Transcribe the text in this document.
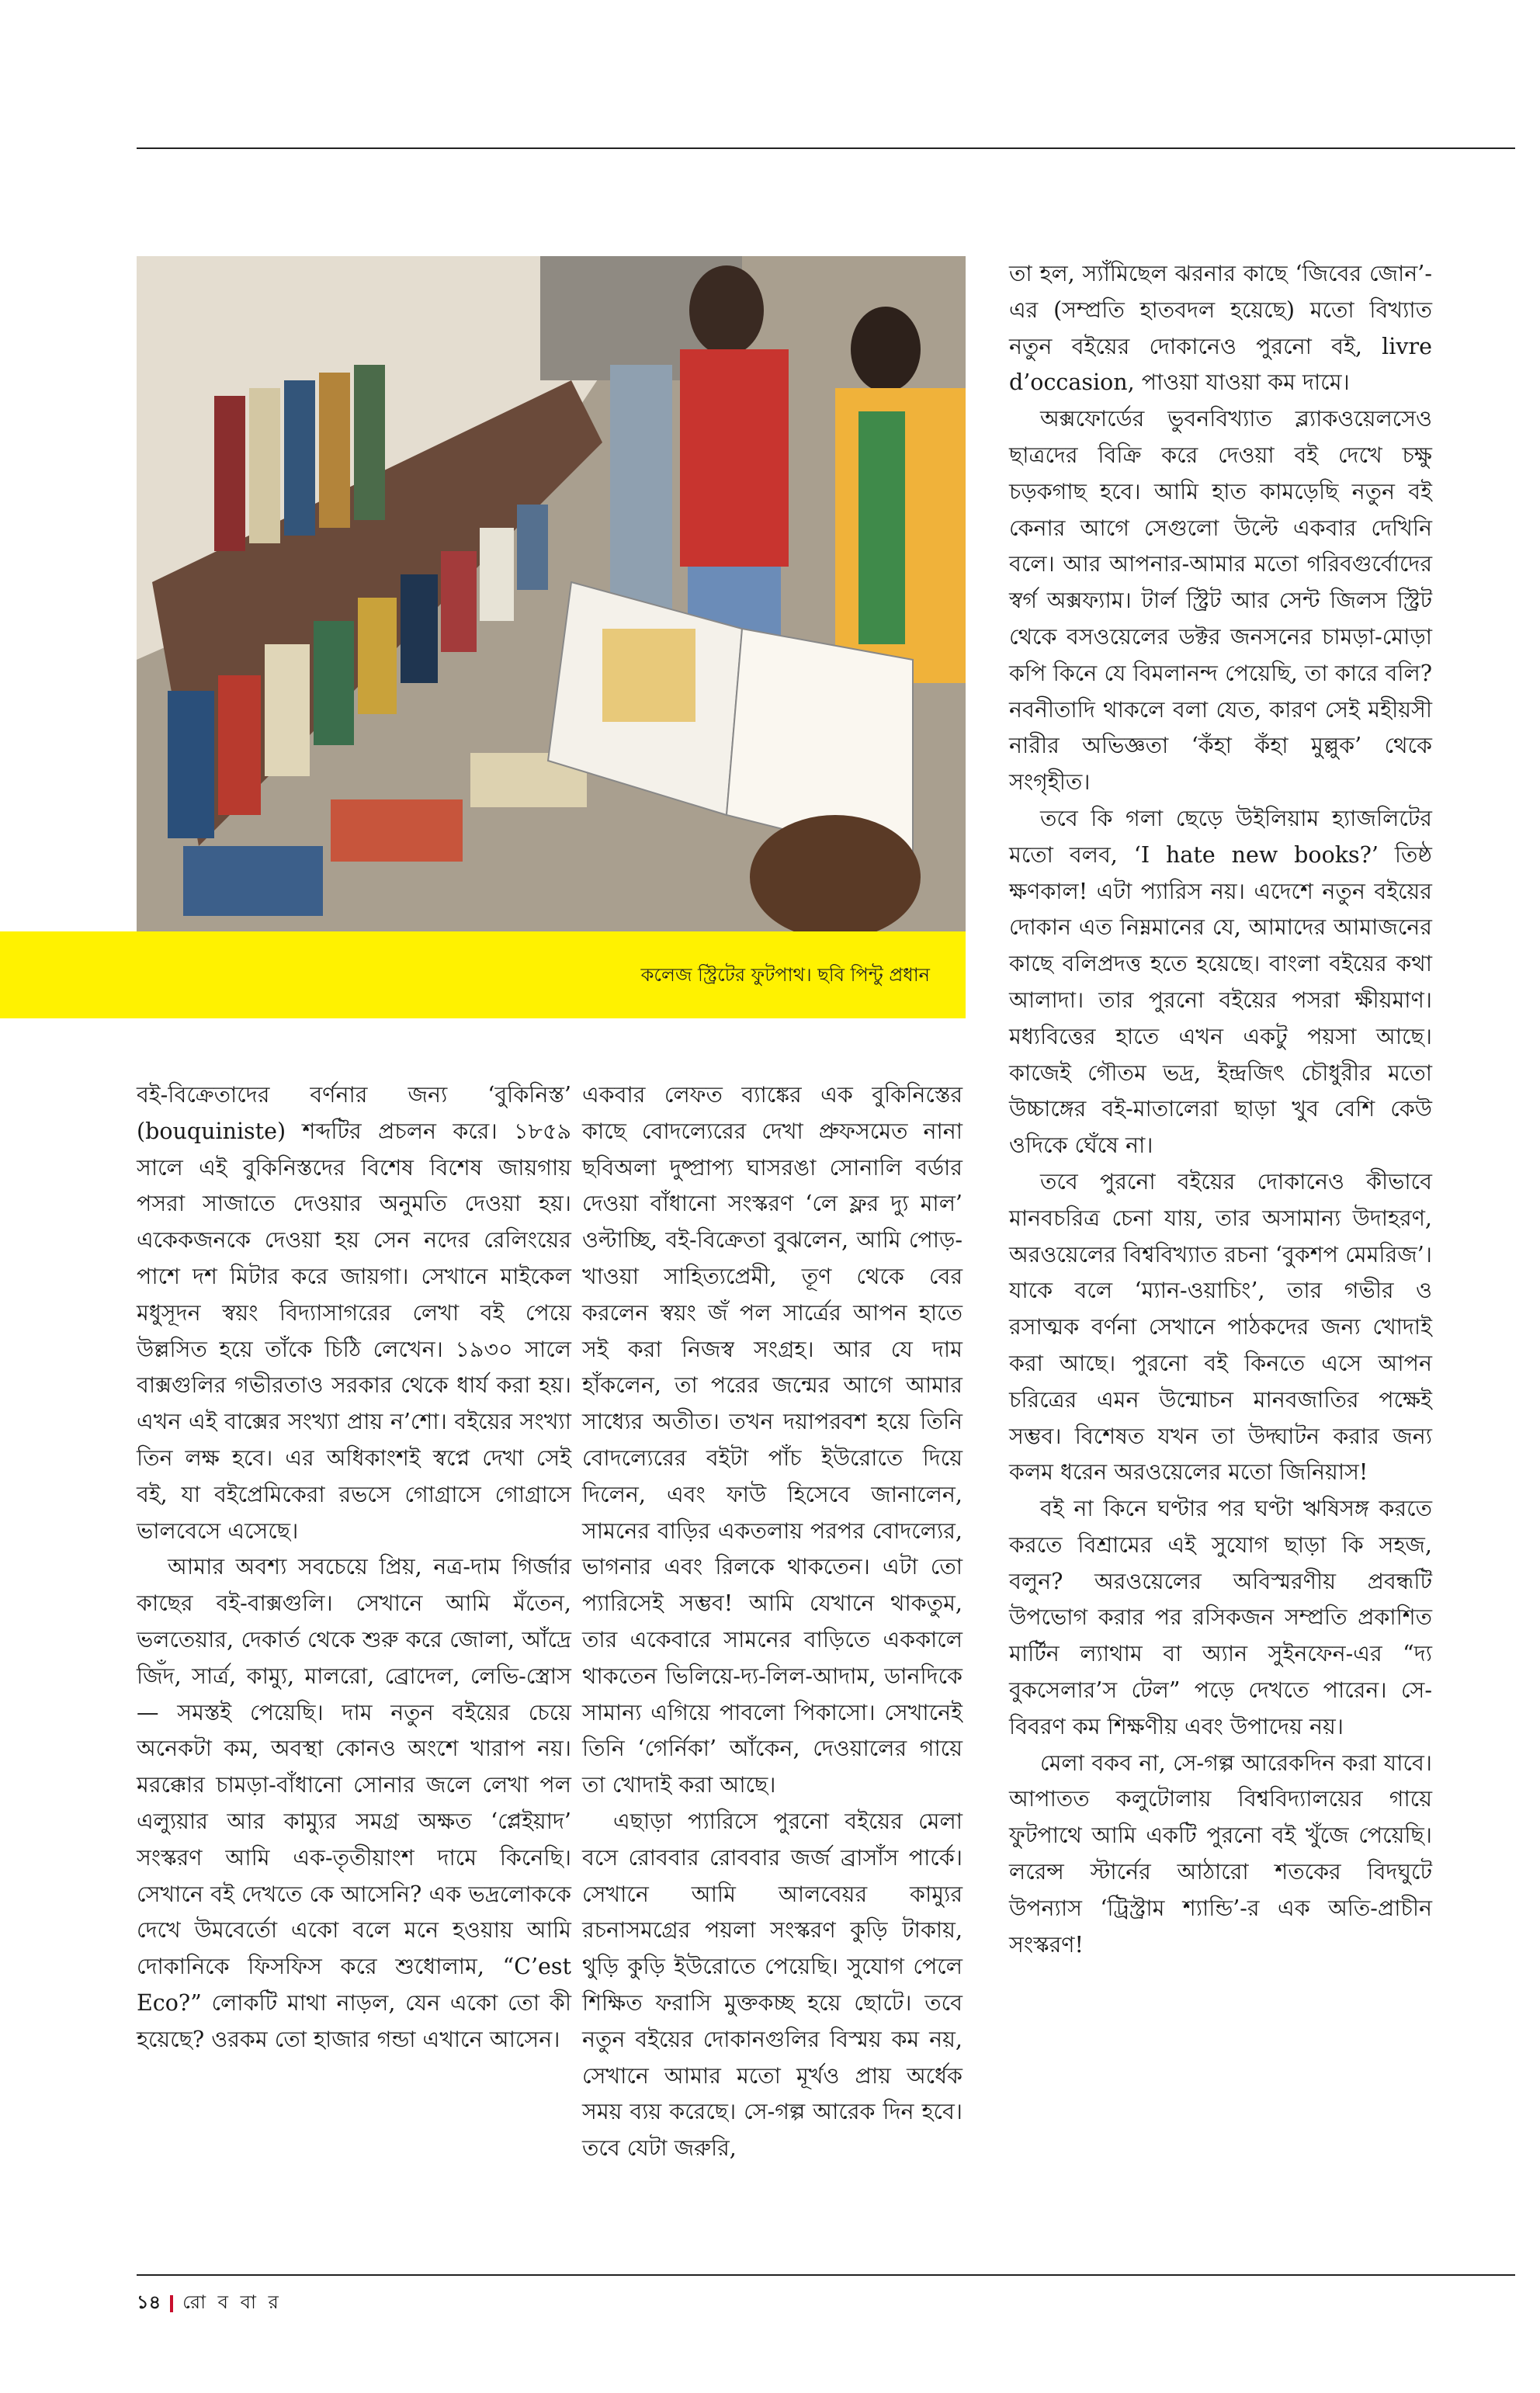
কলেজ স্ট্রিটের ফুটপাথ। ছবি পিন্টু প্রধান

বই-বিক্রেতাদের বর্ণনার জন্য ‘বুকিনিস্ত’ (bouquiniste) শব্দটির প্রচলন করে। ১৮৫৯ সালে এই বুকিনিস্তদের বিশেষ বিশেষ জায়গায় পসরা সাজাতে দেওয়ার অনুমতি দেওয়া হয়। একেকজনকে দেওয়া হয় সেন নদের রেলিংয়ের পাশে দশ মিটার করে জায়গা। সেখানে মাইকেল মধুসূদন স্বয়ং বিদ্যাসাগরের লেখা বই পেয়ে উল্লসিত হয়ে তাঁকে চিঠি লেখেন। ১৯৩০ সালে বাক্সগুলির গভীরতাও সরকার থেকে ধার্য করা হয়। এখন এই বাক্সের সংখ্যা প্রায় ন’শো। বইয়ের সংখ্যা তিন লক্ষ হবে। এর অধিকাংশই স্বপ্নে দেখা সেই বই, যা বইপ্রেমিকেরা রভসে গোগ্রাসে গোগ্রাসে ভালবেসে এসেছে।

আমার অবশ্য সবচেয়ে প্রিয়, নত্র-দাম গির্জার কাছের বই-বাক্সগুলি। সেখানে আমি মঁতেন, ভলতেয়ার, দেকার্ত থেকে শুরু করে জোলা, আঁদ্রে জিঁদ, সার্ত্র, কাম্যু, মালরো, ব্রোদেল, লেভি-স্ত্রোস— সমস্তই পেয়েছি। দাম নতুন বইয়ের চেয়ে অনেকটা কম, অবস্থা কোনও অংশে খারাপ নয়। মরক্কোর চামড়া-বাঁধানো সোনার জলে লেখা পল এল্যুয়ার আর কাম্যুর সমগ্র অক্ষত ‘প্লেইয়াদ’ সংস্করণ আমি এক-তৃতীয়াংশ দামে কিনেছি। সেখানে বই দেখতে কে আসেনি? এক ভদ্রলোককে দেখে উমবের্তো একো বলে মনে হওয়ায় আমি দোকানিকে ফিসফিস করে শুধোলাম, “C’est Eco?” লোকটি মাথা নাড়ল, যেন একো তো কী হয়েছে? ওরকম তো হাজার গন্ডা এখানে আসেন।

একবার লেফত ব্যাঙ্কের এক বুকিনিস্তের কাছে বোদল্যেরের দেখা প্রুফসমেত নানা ছবিঅলা দুষ্প্রাপ্য ঘাসরঙা সোনালি বর্ডার দেওয়া বাঁধানো সংস্করণ ‘লে ফ্লর দ্যু মাল’ ওল্টাচ্ছি, বই-বিক্রেতা বুঝলেন, আমি পোড়-খাওয়া সাহিত্যপ্রেমী, তূণ থেকে বের করলেন স্বয়ং জঁ পল সার্ত্রের আপন হাতে সই করা নিজস্ব সংগ্রহ। আর যে দাম হাঁকলেন, তা পরের জন্মের আগে আমার সাধ্যের অতীত। তখন দয়াপরবশ হয়ে তিনি বোদল্যেরের বইটা পাঁচ ইউরোতে দিয়ে দিলেন, এবং ফাউ হিসেবে জানালেন, সামনের বাড়ির একতলায় পরপর বোদল্যের, ভাগনার এবং রিলকে থাকতেন। এটা তো প্যারিসেই সম্ভব! আমি যেখানে থাকতুম, তার একেবারে সামনের বাড়িতে এককালে থাকতেন ভিলিয়ে-দ্য-লিল-আদাম, ডানদিকে সামান্য এগিয়ে পাবলো পিকাসো। সেখানেই তিনি ‘গের্নিকা’ আঁকেন, দেওয়ালের গায়ে তা খোদাই করা আছে।

এছাড়া প্যারিসে পুরনো বইয়ের মেলা বসে রোববার রোববার জর্জ ব্রাসাঁস পার্কে। সেখানে আমি আলবেয়র কাম্যুর রচনাসমগ্রের পয়লা সংস্করণ কুড়ি টাকায়, থুড়ি কুড়ি ইউরোতে পেয়েছি। সুযোগ পেলে শিক্ষিত ফরাসি মুক্তকচ্ছ হয়ে ছোটে। তবে নতুন বইয়ের দোকানগুলির বিস্ময় কম নয়, সেখানে আমার মতো মূর্খও প্রায় অর্ধেক সময় ব্যয় করেছে। সে-গল্প আরেক দিন হবে। তবে যেটা জরুরি,

তা হল, স্যাঁমিছেল ঝরনার কাছে ‘জিবের জোন’-এর (সম্প্রতি হাতবদল হয়েছে) মতো বিখ্যাত নতুন বইয়ের দোকানেও পুরনো বই, livre d’occasion, পাওয়া যাওয়া কম দামে।

অক্সফোর্ডের ভুবনবিখ্যাত ব্ল্যাকওয়েলসেও ছাত্রদের বিক্রি করে দেওয়া বই দেখে চক্ষু চড়কগাছ হবে। আমি হাত কামড়েছি নতুন বই কেনার আগে সেগুলো উল্টে একবার দেখিনি বলে। আর আপনার-আমার মতো গরিবগুর্বোদের স্বর্গ অক্সফ্যাম। টার্ল স্ট্রিট আর সেন্ট জিলস স্ট্রিট থেকে বসওয়েলের ডক্টর জনসনের চামড়া-মোড়া কপি কিনে যে বিমলানন্দ পেয়েছি, তা কারে বলি? নবনীতাদি থাকলে বলা যেত, কারণ সেই মহীয়সী নারীর অভিজ্ঞতা ‘কঁহা কঁহা মুল্লুক’ থেকে সংগৃহীত।

তবে কি গলা ছেড়ে উইলিয়াম হ্যাজলিটের মতো বলব, ‘I hate new books?’ তিষ্ঠ ক্ষণকাল! এটা প্যারিস নয়। এদেশে নতুন বইয়ের দোকান এত নিম্নমানের যে, আমাদের আমাজনের কাছে বলিপ্রদত্ত হতে হয়েছে। বাংলা বইয়ের কথা আলাদা। তার পুরনো বইয়ের পসরা ক্ষীয়মাণ। মধ্যবিত্তের হাতে এখন একটু পয়সা আছে। কাজেই গৌতম ভদ্র, ইন্দ্রজিৎ চৌধুরীর মতো উচ্চাঙ্গের বই-মাতালেরা ছাড়া খুব বেশি কেউ ওদিকে ঘেঁষে না।

তবে পুরনো বইয়ের দোকানেও কীভাবে মানবচরিত্র চেনা যায়, তার অসামান্য উদাহরণ, অরওয়েলের বিশ্ববিখ্যাত রচনা ‘বুকশপ মেমরিজ’। যাকে বলে ‘ম্যান-ওয়াচিং’, তার গভীর ও রসাত্মক বর্ণনা সেখানে পাঠকদের জন্য খোদাই করা আছে। পুরনো বই কিনতে এসে আপন চরিত্রের এমন উন্মোচন মানবজাতির পক্ষেই সম্ভব। বিশেষত যখন তা উদ্ঘাটন করার জন্য কলম ধরেন অরওয়েলের মতো জিনিয়াস!

বই না কিনে ঘণ্টার পর ঘণ্টা ঋষিসঙ্গ করতে করতে বিশ্রামের এই সুযোগ ছাড়া কি সহজ, বলুন? অরওয়েলের অবিস্মরণীয় প্রবন্ধটি উপভোগ করার পর রসিকজন সম্প্রতি প্রকাশিত মার্টিন ল্যাথাম বা অ্যান সুইনফেন-এর “দ্য বুকসেলার’স টেল” পড়ে দেখতে পারেন। সে-বিবরণ কম শিক্ষণীয় এবং উপাদেয় নয়।

মেলা বকব না, সে-গল্প আরেকদিন করা যাবে। আপাতত কলুটোলায় বিশ্ববিদ্যালয়ের গায়ে ফুটপাথে আমি একটি পুরনো বই খুঁজে পেয়েছি। লরেন্স স্টার্নের আঠারো শতকের বিদঘুটে উপন্যাস ‘ট্রিস্ট্রাম শ্যান্ডি’-র এক অতি-প্রাচীন সংস্করণ!

১৪ রো ব বা র
